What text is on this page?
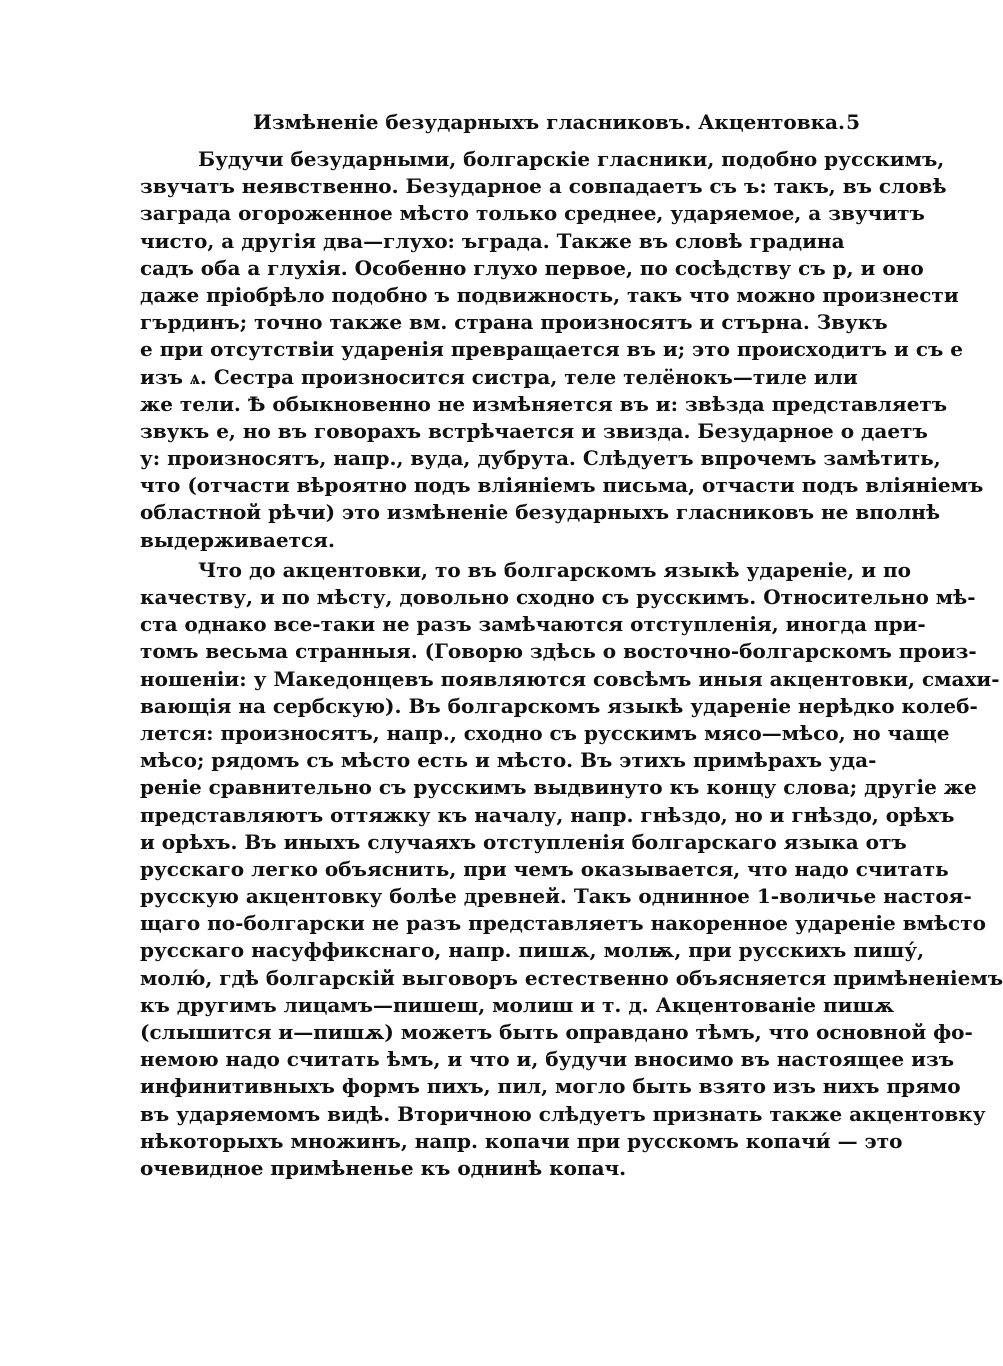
Измѣненіе безударныхъ гласниковъ. Акцентовка. 5
Будучи безударными, болгарскіе гласники, подобно русскимъ,
звучатъ неявственно. Безударное а совпадаетъ съ ъ: такъ, въ словѣ
заграда огороженное мѣсто только среднее, ударяемое, а звучитъ
чисто, а другія два—глухо: ъграда. Также въ словѣ градина
садъ оба а глухія. Особенно глухо первое, по сосѣдству съ р, и оно
даже пріобрѣло подобно ъ подвижность, такъ что можно произнести
гърдинъ; точно также вм. страна произносятъ и стърна. Звукъ
е при отсутствіи ударенія превращается въ и; это происходитъ и съ е
изъ ѧ. Сестра произносится систра, теле телёнокъ—тиле или
же тели. Ѣ обыкновенно не измѣняется въ и: звѣзда представляетъ
звукъ е, но въ говорахъ встрѣчается и звизда. Безударное о даетъ
у: произносятъ, напр., вуда, дубрута. Слѣдуетъ впрочемъ замѣтить,
что (отчасти вѣроятно подъ вліяніемъ письма, отчасти подъ вліяніемъ
областной рѣчи) это измѣненіе безударныхъ гласниковъ не вполнѣ
выдерживается.
Что до акцентовки, то въ болгарскомъ языкѣ удареніе, и по
качеству, и по мѣсту, довольно сходно съ русскимъ. Относительно мѣ-
ста однако все-таки не разъ замѣчаются отступленія, иногда при-
томъ весьма странныя. (Говорю здѣсь о восточно-болгарскомъ произ-
ношеніи: у Македонцевъ появляются совсѣмъ иныя акцентовки, смахи-
вающія на сербскую). Въ болгарскомъ языкѣ удареніе нерѣдко колеб-
лется: произносятъ, напр., сходно съ русскимъ мясо—мѣсо, но чаще
мѣсо; рядомъ съ мѣсто есть и мѣсто. Въ этихъ примѣрахъ уда-
реніе сравнительно съ русскимъ выдвинуто къ концу слова; другіе же
представляютъ оттяжку къ началу, напр. гнѣздо, но и гнѣздо, орѣхъ
и орѣхъ. Въ иныхъ случаяхъ отступленія болгарскаго языка отъ
русскаго легко объяснить, при чемъ оказывается, что надо считать
русскую акцентовку болѣе древней. Такъ однинное 1-вoличье настоя-
щаго по-болгарски не разъ представляетъ накоренное удареніе вмѣсто
русскаго насуффикснаго, напр. пишѫ, молѭ, при русскихъ пишу́,
молю́, гдѣ болгарскій выговоръ естественно объясняется примѣненіемъ
къ другимъ лицамъ—пишеш, молиш и т. д. Акцентованіе пишѫ
(слышится и—пишѫ) можетъ быть оправдано тѣмъ, что основной фо-
немою надо считать ѣмъ, и что и, будучи вносимо въ настоящее изъ
инфинитивныхъ формъ пихъ, пил, могло быть взято изъ нихъ прямо
въ ударяемомъ видѣ. Вторичною слѣдуетъ признать также акцентовку
нѣкоторыхъ множинъ, напр. копачи при русскомъ копачи́ — это
очевидное примѣненье къ однинѣ копач.
